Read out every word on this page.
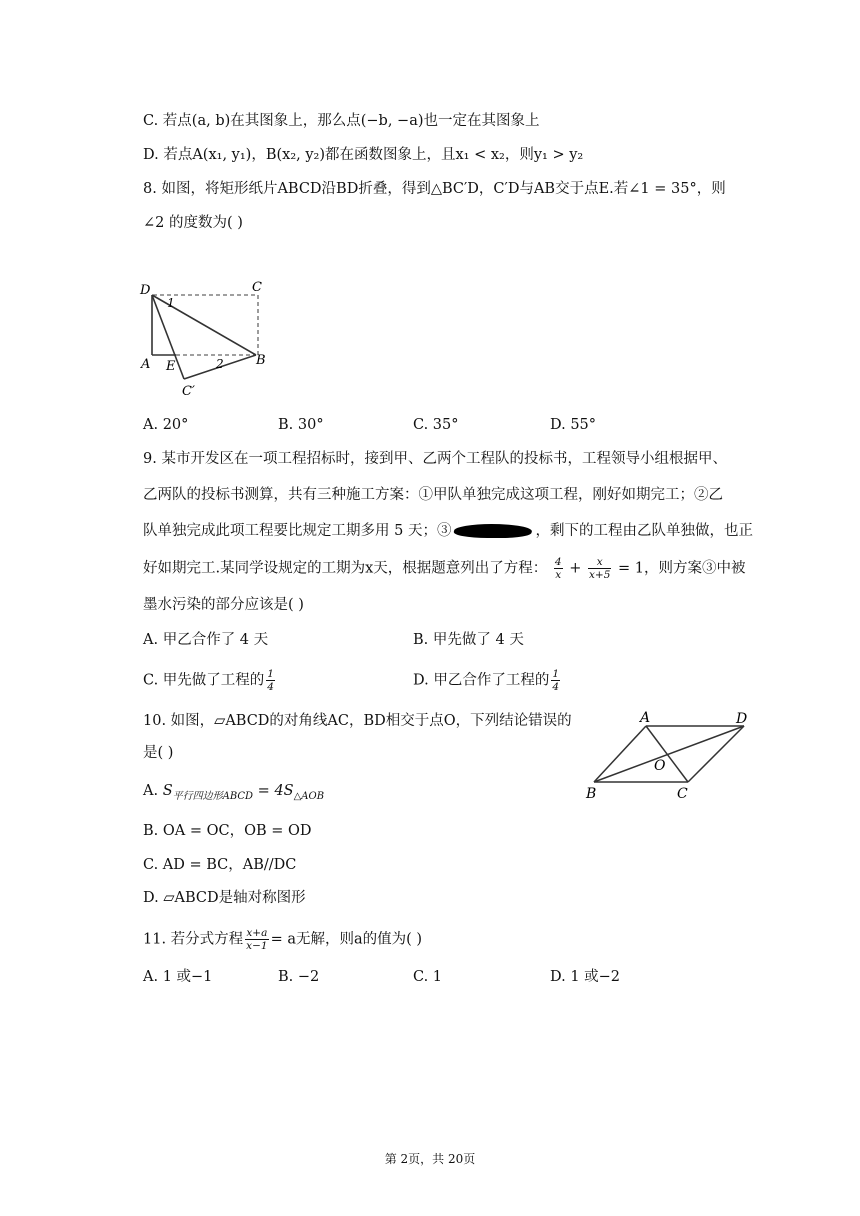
C. 若点(a, b)在其图象上，那么点(−b, −a)也一定在其图象上
D. 若点A(x₁, y₁)，B(x₂, y₂)都在函数图象上，且x₁ < x₂，则y₁ > y₂
8. 如图，将矩形纸片ABCD沿BD折叠，得到△BC′D，C′D与AB交于点E.若∠1 = 35°，则
∠2 的度数为( )
D	C
1
A E	2 B
C′
A. 20°	B. 30°	C. 35°	D. 55°
9. 某市开发区在一项工程招标时，接到甲、乙两个工程队的投标书，工程领导小组根据甲、
乙两队的投标书测算，共有三种施工方案：①甲队单独完成这项工程，刚好如期完工；②乙
队单独完成此项工程要比规定工期多用 5 天；③	，剩下的工程由乙队单独做，也正
好如期完工.某同学设规定的工期为x天，根据题意列出了方程： $\frac{4}{x} + \frac{x}{x+5} = 1$，则方案③中被
墨水污染的部分应该是( )
A. 甲乙合作了 4 天	B. 甲先做了 4 天
C. 甲先做了工程的 $\frac{1}{4}$	D. 甲乙合作了工程的 $\frac{1}{4}$
10. 如图，▱ABCD的对角线AC，BD相交于点O，下列结论错误的
是( )
A	D
O
B	C
A. $S_{平行四边形ABCD} = 4S_{\triangle AOB}$
B. OA = OC，OB = OD
C. AD = BC，AB//DC
D. ▱ABCD是轴对称图形
11. 若分式方程 $\frac{x+a}{x-1} = a$无解，则a的值为( )
A. 1 或−1	B. −2	C. 1	D. 1 或−2
第 2页，共 20页
